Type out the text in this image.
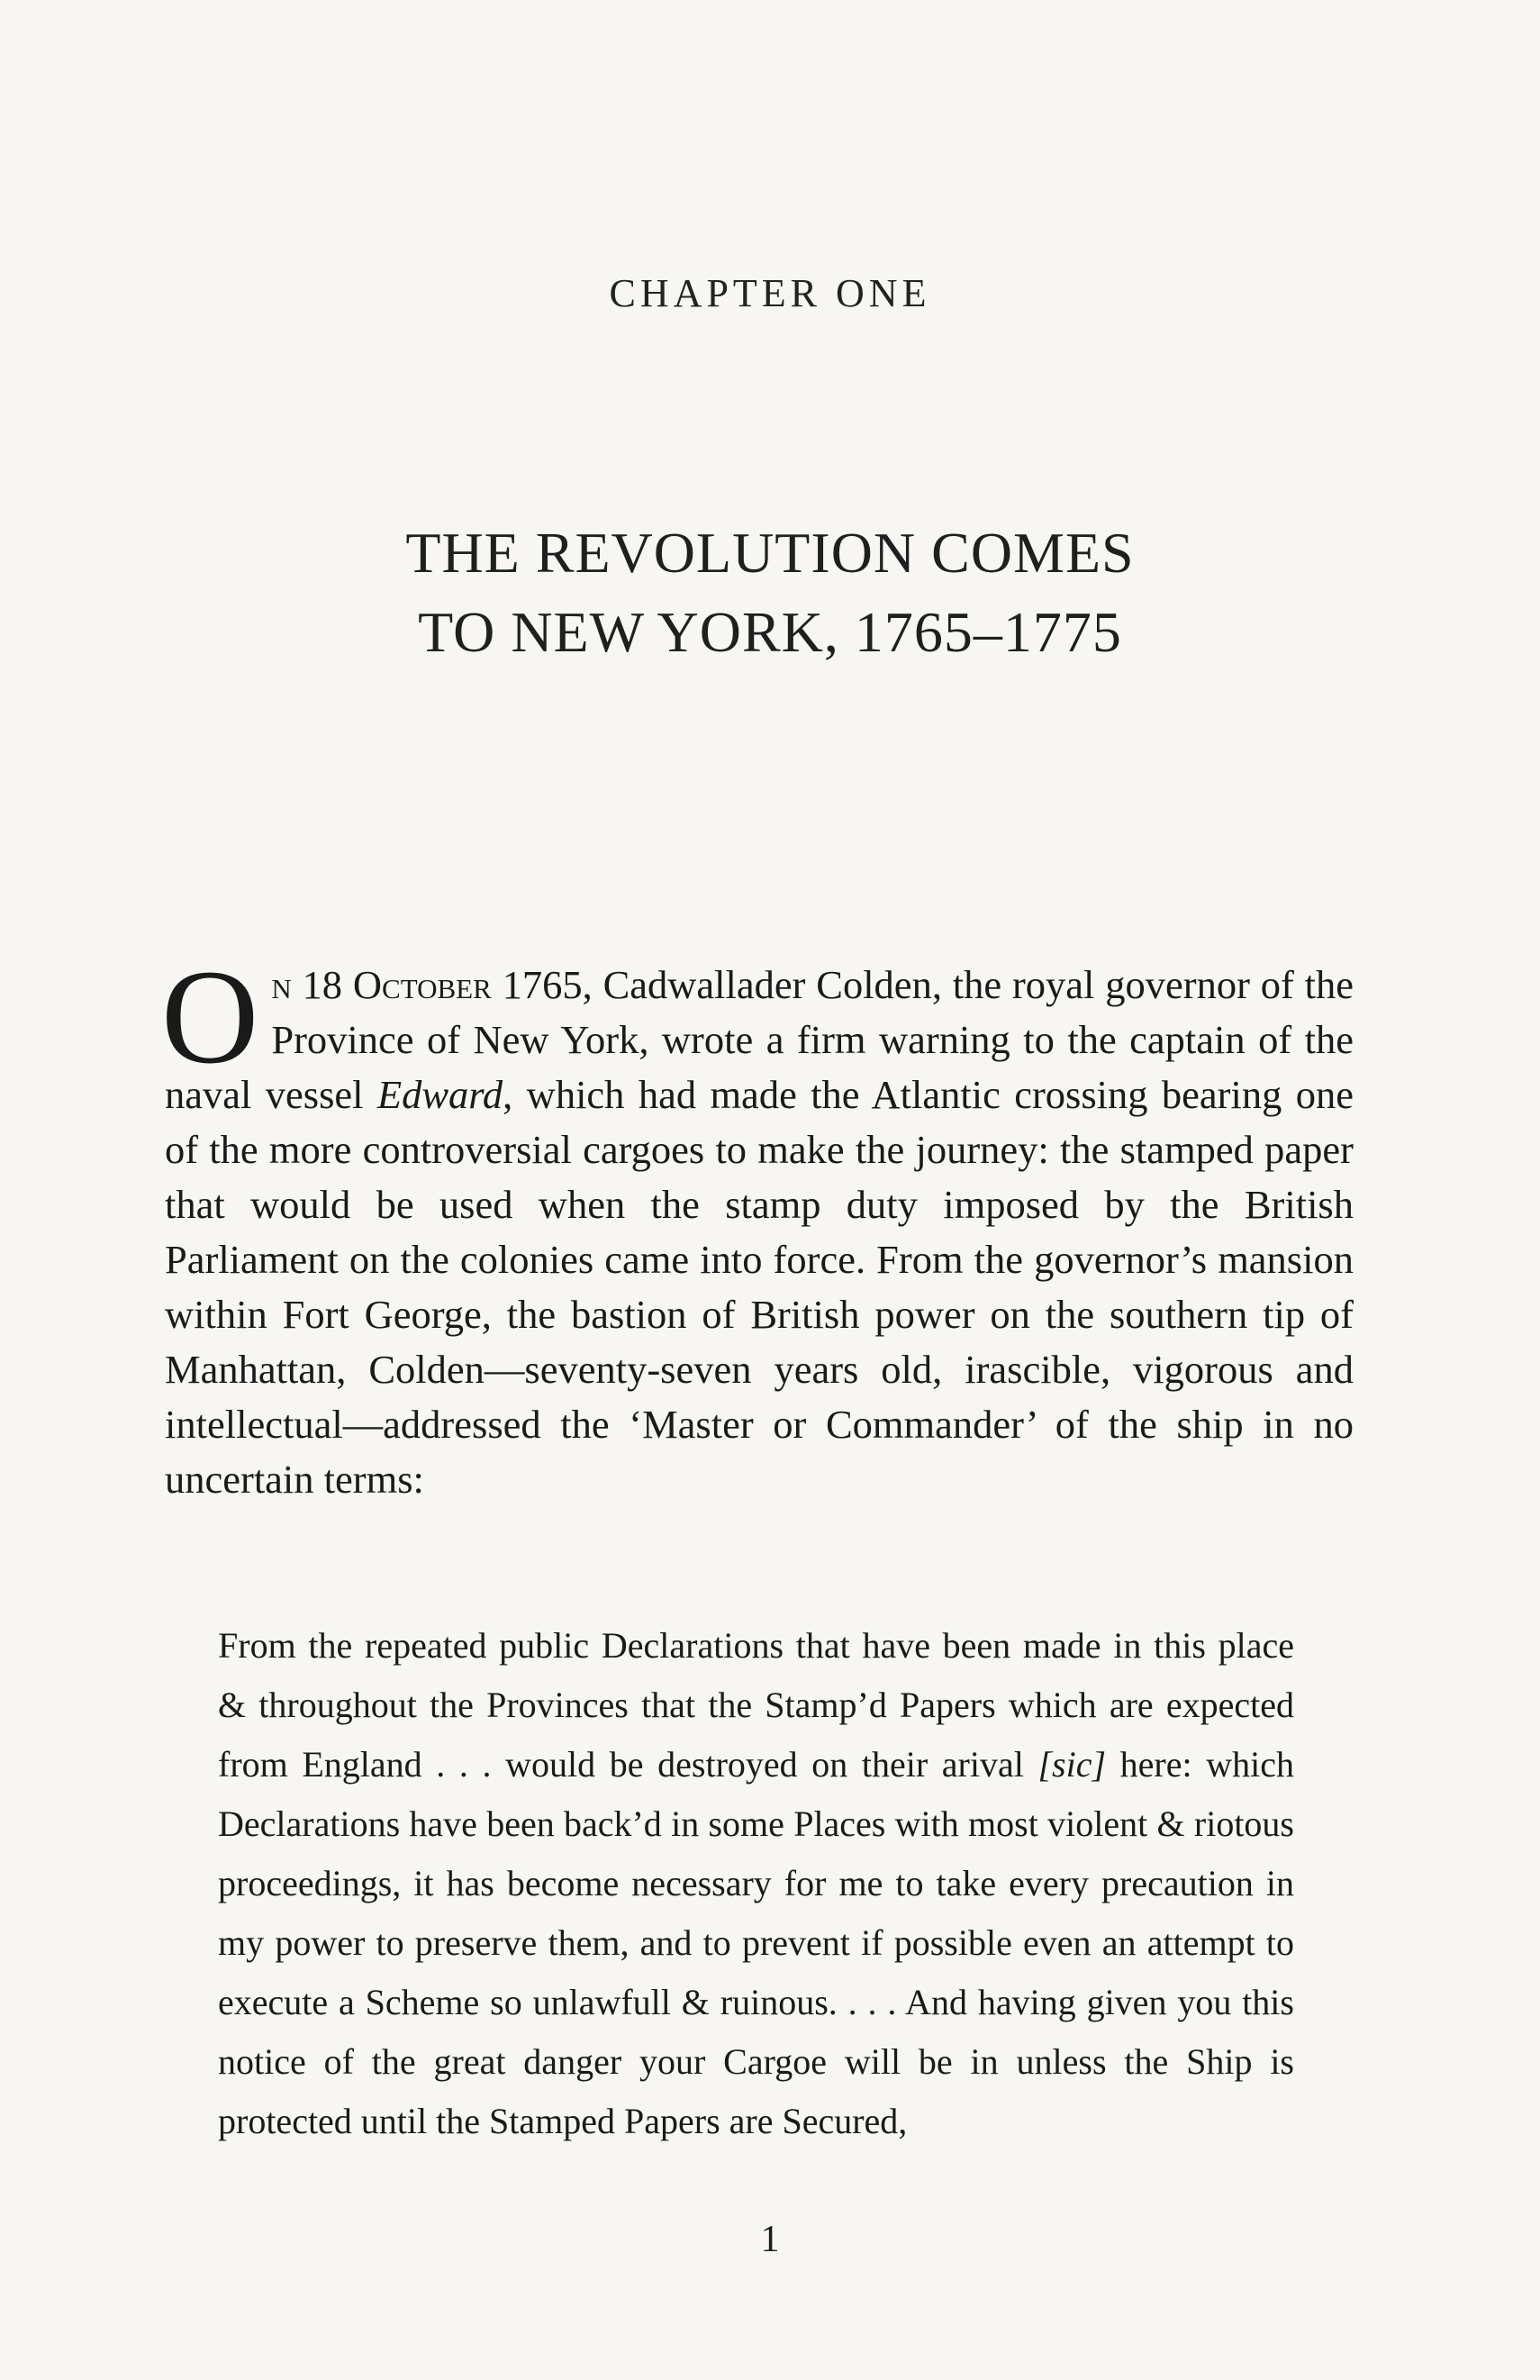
CHAPTER ONE
THE REVOLUTION COMES
TO NEW YORK, 1765–1775
On 18 October 1765, Cadwallader Colden, the royal governor of the Province of New York, wrote a firm warning to the captain of the naval vessel Edward, which had made the Atlantic crossing bearing one of the more controversial cargoes to make the journey: the stamped paper that would be used when the stamp duty imposed by the British Parliament on the colonies came into force. From the governor’s mansion within Fort George, the bastion of British power on the southern tip of Manhattan, Colden—seventy-seven years old, irascible, vigorous and intellectual—addressed the ‘Master or Commander’ of the ship in no uncertain terms:
From the repeated public Declarations that have been made in this place & throughout the Provinces that the Stamp’d Papers which are expected from England . . . would be destroyed on their arival [sic] here: which Declarations have been back’d in some Places with most violent & riotous proceedings, it has become necessary for me to take every precaution in my power to preserve them, and to prevent if possible even an attempt to execute a Scheme so unlawfull & ruinous. . . . And having given you this notice of the great danger your Cargoe will be in unless the Ship is protected until the Stamped Papers are Secured,
1
